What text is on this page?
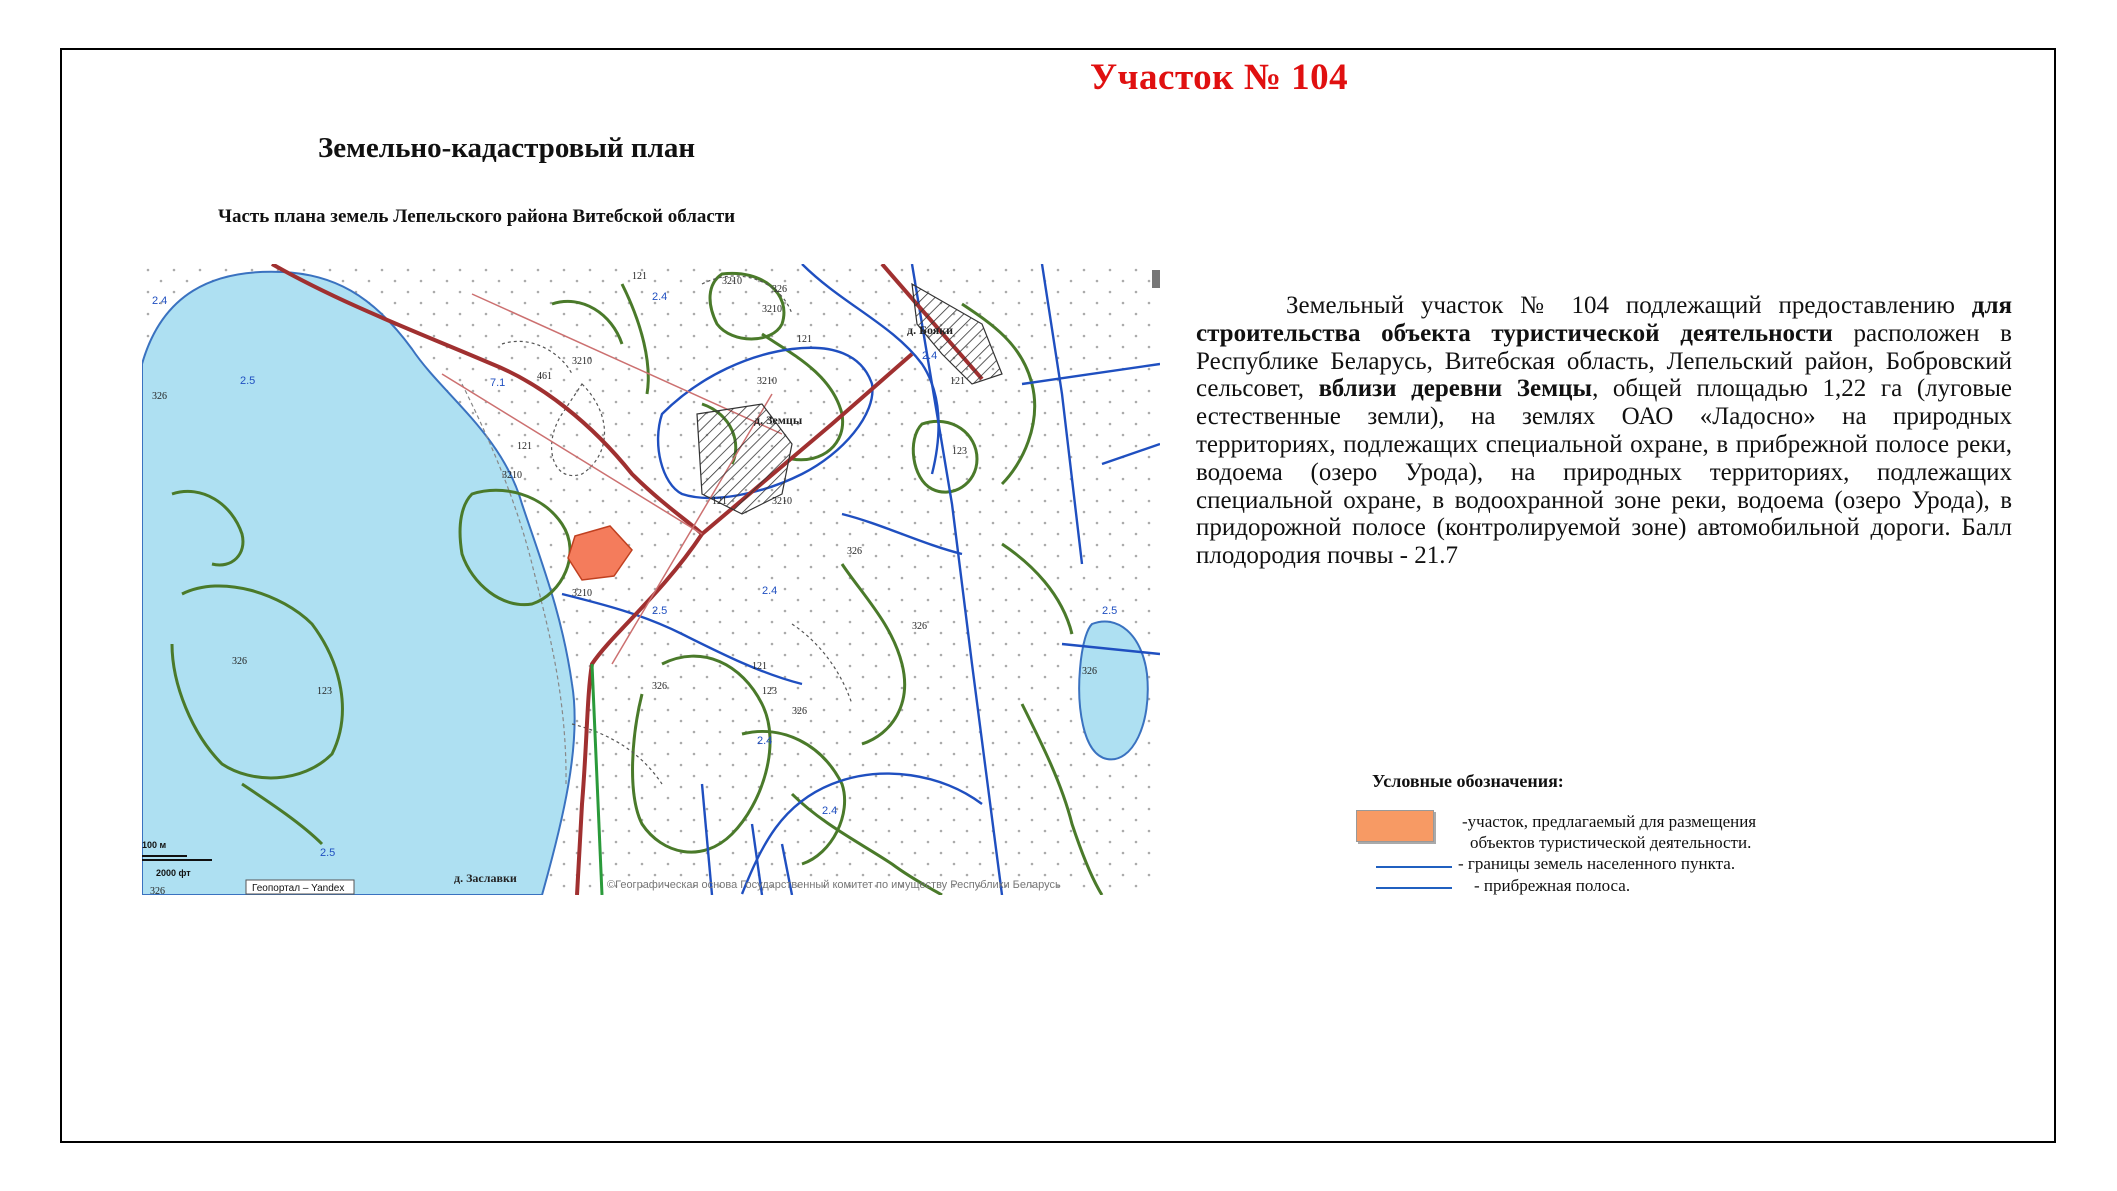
Участок № 104
Земельно-кадастровый план
Часть плана земель Лепельского района Витебской области
121
326
3210
3210
461
121
3210
3210
121	3210
123
121
121
326
3210
326
123
121
123
326
326
326
326
326
326
3210
2.5
2.4
2.4
2.4
2.5	2.5
2.4
2.4
2.4
2.5
7.1
д. Бояки
д. Земцы
д. Заславки
100 м
2000 фт
Геопортал – Yandex	©Географическая основа Государственный комитет по имуществу Республики Беларусь
Земельный участок № 104 подлежащий предоставлению для строительства объекта туристической деятельности расположен в Республике Беларусь, Витебская область, Лепельский район, Бобровский сельсовет, вблизи деревни Земцы, общей площадью 1,22 га (луговые естественные земли), на землях ОАО «Ладосно» на природных территориях, подлежащих специальной охране, в прибрежной полосе реки, водоема (озеро Урода), на природных территориях, подлежащих специальной охране, в водоохранной зоне реки, водоема (озеро Урода), в придорожной полосе (контролируемой зоне) автомобильной дороги. Балл плодородия почвы - 21.7
Условные обозначения:
-участок, предлагаемый для размещения
объектов туристической деятельности.
- границы земель населенного пункта.
- прибрежная полоса.
